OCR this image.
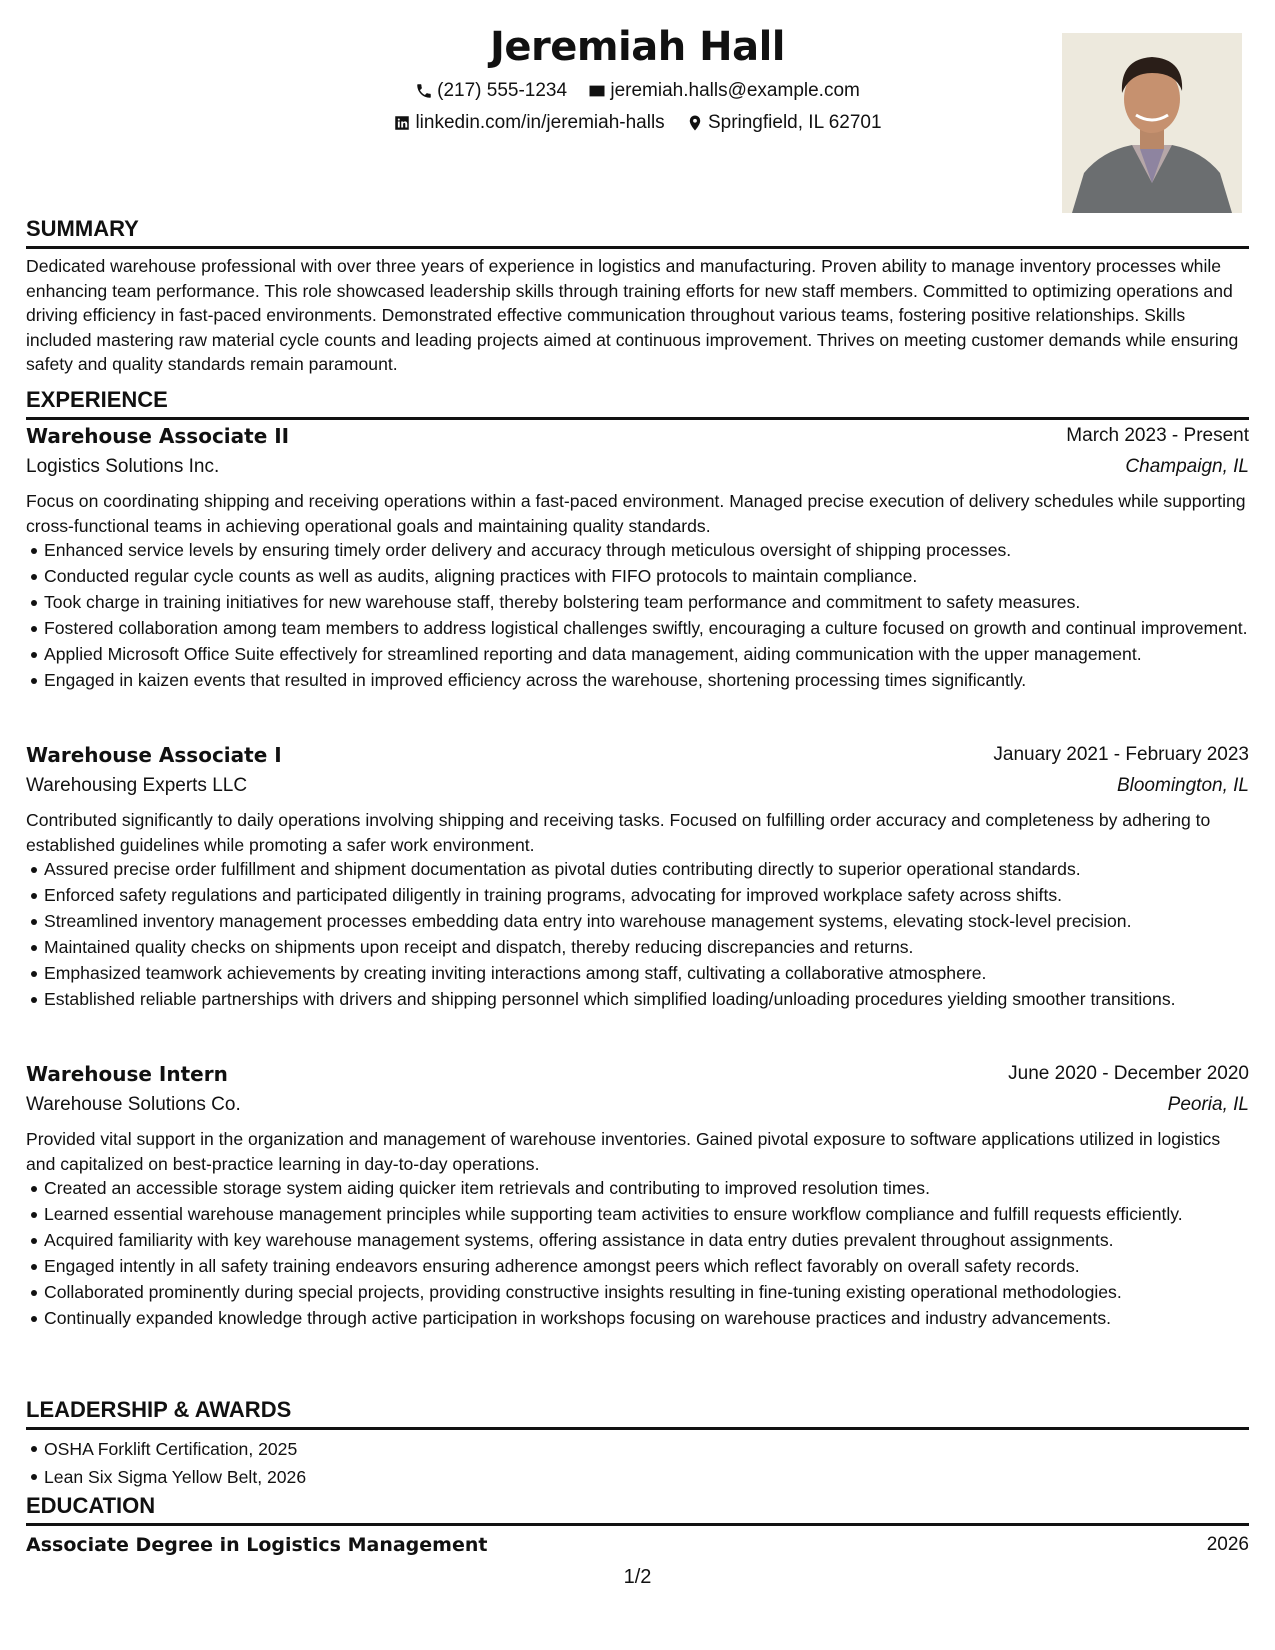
Jeremiah Hall
(217) 555-1234
jeremiah.halls@example.com
linkedin.com/in/jeremiah-halls
Springfield, IL 62701
SUMMARY

Dedicated warehouse professional with over three years of experience in logistics and manufacturing. Proven ability to manage inventory processes while enhancing team performance. This role showcased leadership skills through training efforts for new staff members. Committed to optimizing operations and driving efficiency in fast-paced environments. Demonstrated effective communication throughout various teams, fostering positive relationships. Skills included mastering raw material cycle counts and leading projects aimed at continuous improvement. Thrives on meeting customer demands while ensuring safety and quality standards remain paramount.

EXPERIENCE
Warehouse Associate II	March 2023 - Present
Logistics Solutions Inc.	Champaign, IL

Focus on coordinating shipping and receiving operations within a fast-paced environment. Managed precise execution of delivery schedules while supporting cross-functional teams in achieving operational goals and maintaining quality standards.

Enhanced service levels by ensuring timely order delivery and accuracy through meticulous oversight of shipping processes.
Conducted regular cycle counts as well as audits, aligning practices with FIFO protocols to maintain compliance.
Took charge in training initiatives for new warehouse staff, thereby bolstering team performance and commitment to safety measures.
Fostered collaboration among team members to address logistical challenges swiftly, encouraging a culture focused on growth and continual improvement.
Applied Microsoft Office Suite effectively for streamlined reporting and data management, aiding communication with the upper management.
Engaged in kaizen events that resulted in improved efficiency across the warehouse, shortening processing times significantly.
Warehouse Associate I	January 2021 - February 2023
Warehousing Experts LLC	Bloomington, IL

Contributed significantly to daily operations involving shipping and receiving tasks. Focused on fulfilling order accuracy and completeness by adhering to established guidelines while promoting a safer work environment.

Assured precise order fulfillment and shipment documentation as pivotal duties contributing directly to superior operational standards.
Enforced safety regulations and participated diligently in training programs, advocating for improved workplace safety across shifts.
Streamlined inventory management processes embedding data entry into warehouse management systems, elevating stock-level precision.
Maintained quality checks on shipments upon receipt and dispatch, thereby reducing discrepancies and returns.
Emphasized teamwork achievements by creating inviting interactions among staff, cultivating a collaborative atmosphere.
Established reliable partnerships with drivers and shipping personnel which simplified loading/unloading procedures yielding smoother transitions.
Warehouse Intern	June 2020 - December 2020
Warehouse Solutions Co.	Peoria, IL

Provided vital support in the organization and management of warehouse inventories. Gained pivotal exposure to software applications utilized in logistics and capitalized on best-practice learning in day-to-day operations.

Created an accessible storage system aiding quicker item retrievals and contributing to improved resolution times.
Learned essential warehouse management principles while supporting team activities to ensure workflow compliance and fulfill requests efficiently.
Acquired familiarity with key warehouse management systems, offering assistance in data entry duties prevalent throughout assignments.
Engaged intently in all safety training endeavors ensuring adherence amongst peers which reflect favorably on overall safety records.
Collaborated prominently during special projects, providing constructive insights resulting in fine-tuning existing operational methodologies.
Continually expanded knowledge through active participation in workshops focusing on warehouse practices and industry advancements.
LEADERSHIP & AWARDS
OSHA Forklift Certification, 2025
Lean Six Sigma Yellow Belt, 2026
EDUCATION
Associate Degree in Logistics Management	2026
1/2
